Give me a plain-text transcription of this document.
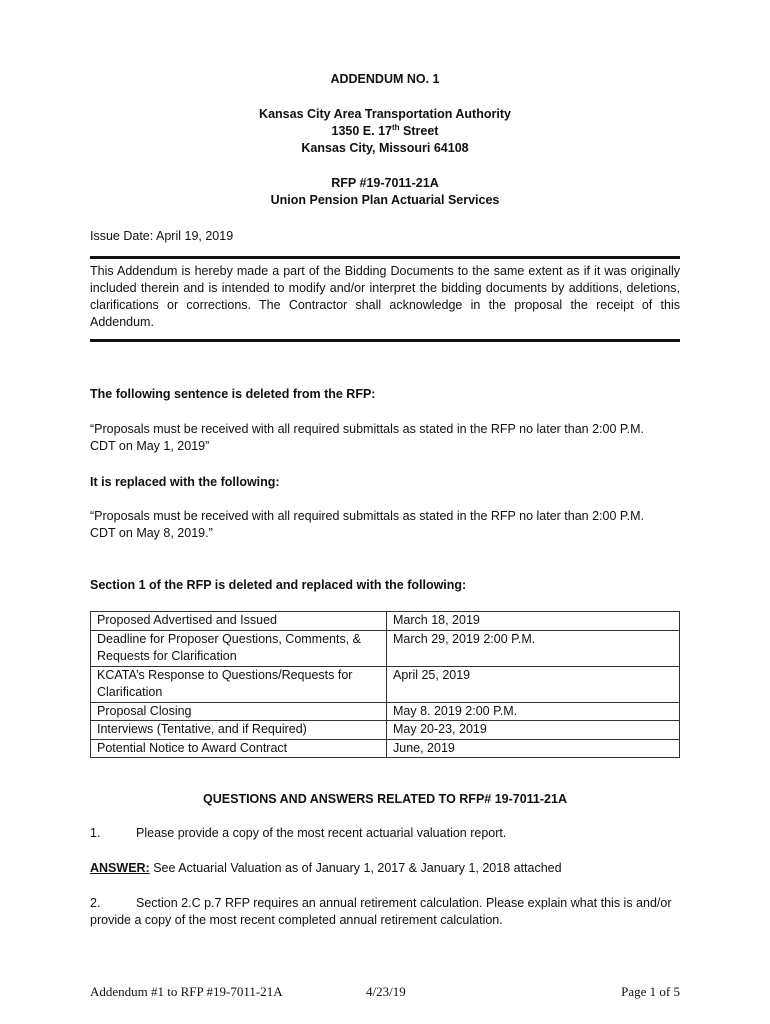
ADDENDUM NO. 1
Kansas City Area Transportation Authority
1350 E. 17th Street
Kansas City, Missouri 64108
RFP #19-7011-21A
Union Pension Plan Actuarial Services
Issue Date: April 19, 2019
This Addendum is hereby made a part of the Bidding Documents to the same extent as if it was originally included therein and is intended to modify and/or interpret the bidding documents by additions, deletions, clarifications or corrections. The Contractor shall acknowledge in the proposal the receipt of this Addendum.
The following sentence is deleted from the RFP:
“Proposals must be received with all required submittals as stated in the RFP no later than 2:00 P.M. CDT on May 1, 2019”
It is replaced with the following:
“Proposals must be received with all required submittals as stated in the RFP no later than 2:00 P.M. CDT on May 8, 2019.”
Section 1 of the RFP is deleted and replaced with the following:
Proposed Advertised and Issued	March 18, 2019
Deadline for Proposer Questions, Comments, & Requests for Clarification	March 29, 2019 2:00 P.M.
KCATA’s Response to Questions/Requests for Clarification	April 25, 2019
Proposal Closing	May 8. 2019 2:00 P.M.
Interviews (Tentative, and if Required)	May 20-23, 2019
Potential Notice to Award Contract	June, 2019
QUESTIONS AND ANSWERS RELATED TO RFP# 19-7011-21A
1.	Please provide a copy of the most recent actuarial valuation report.
ANSWER: See Actuarial Valuation as of January 1, 2017 & January 1, 2018 attached
2.	Section 2.C p.7 RFP requires an annual retirement calculation. Please explain what this is and/or
provide a copy of the most recent completed annual retirement calculation.
Addendum #1 to RFP #19-7011-21A	4/23/19	Page 1 of 5
